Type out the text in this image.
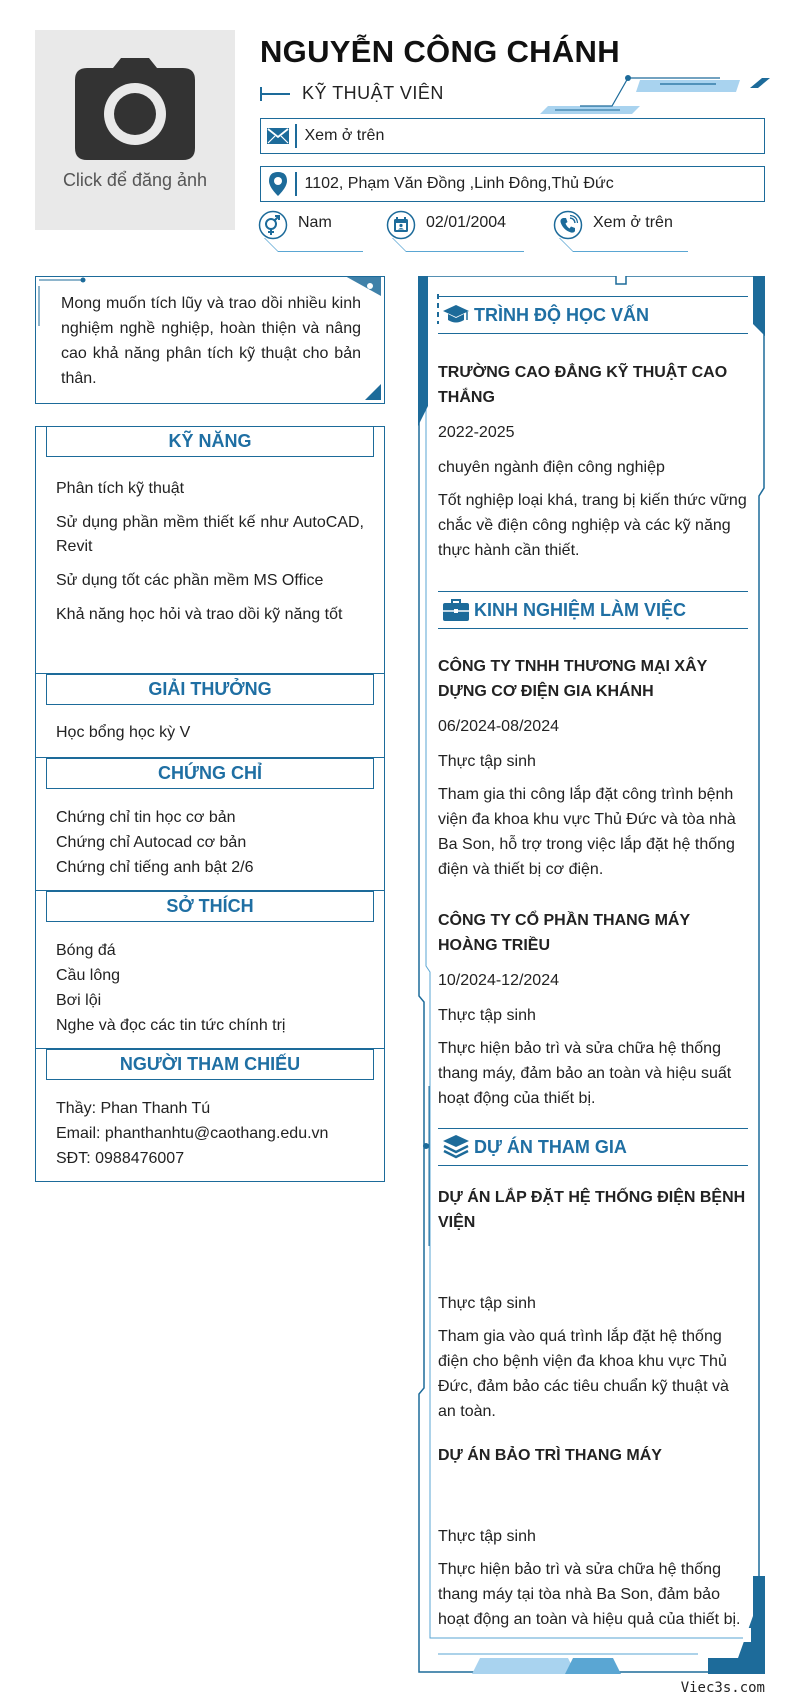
Click để đăng ảnh
NGUYỄN CÔNG CHÁNH
KỸ THUẬT VIÊN
Xem ở trên
1102, Phạm Văn Đồng ,Linh Đông,Thủ Đức
Nam	02/01/2004	Xem ở trên
Mong muốn tích lũy và trao dồi nhiều kinh nghiệm nghề nghiệp, hoàn thiện và nâng cao khả năng phân tích kỹ thuật cho bản thân.
KỸ NĂNG

Phân tích kỹ thuật

Sử dụng phần mềm thiết kế như AutoCAD, Revit

Sử dụng tốt các phần mềm MS Office

Khả năng học hỏi và trao dồi kỹ năng tốt

GIẢI THƯỞNG

Học bổng học kỳ V

CHỨNG CHỈ
Chứng chỉ tin học cơ bản
Chứng chỉ Autocad cơ bản
Chứng chỉ tiếng anh bật 2/6
SỞ THÍCH
Bóng đá
Cầu lông
Bơi lội
Nghe và đọc các tin tức chính trị
NGƯỜI THAM CHIẾU
Thầy: Phan Thanh Tú
Email: phanthanhtu@caothang.edu.vn
SĐT: 0988476007
TRÌNH ĐỘ HỌC VẤN
TRƯỜNG CAO ĐẲNG KỸ THUẬT CAO THẮNG
2022-2025
chuyên ngành điện công nghiệp
Tốt nghiệp loại khá, trang bị kiến thức vững chắc về điện công nghiệp và các kỹ năng thực hành cần thiết.
KINH NGHIỆM LÀM VIỆC
CÔNG TY TNHH THƯƠNG MẠI XÂY DỰNG CƠ ĐIỆN GIA KHÁNH
06/2024-08/2024
Thực tập sinh
Tham gia thi công lắp đặt công trình bệnh viện đa khoa khu vực Thủ Đức và tòa nhà Ba Son, hỗ trợ trong việc lắp đặt hệ thống điện và thiết bị cơ điện.
CÔNG TY CỔ PHẦN THANG MÁY HOÀNG TRIỀU
10/2024-12/2024
Thực tập sinh
Thực hiện bảo trì và sửa chữa hệ thống thang máy, đảm bảo an toàn và hiệu suất hoạt động của thiết bị.
DỰ ÁN THAM GIA
DỰ ÁN LẮP ĐẶT HỆ THỐNG ĐIỆN BỆNH VIỆN
Thực tập sinh
Tham gia vào quá trình lắp đặt hệ thống điện cho bệnh viện đa khoa khu vực Thủ Đức, đảm bảo các tiêu chuẩn kỹ thuật và an toàn.
DỰ ÁN BẢO TRÌ THANG MÁY
Thực tập sinh
Thực hiện bảo trì và sửa chữa hệ thống thang máy tại tòa nhà Ba Son, đảm bảo hoạt động an toàn và hiệu quả của thiết bị.
Viec3s.com
